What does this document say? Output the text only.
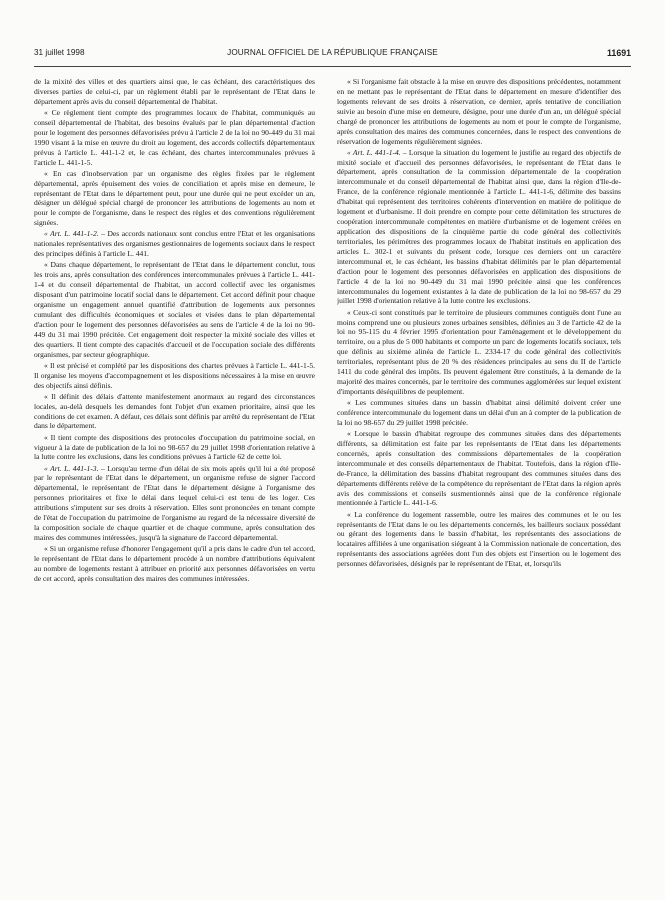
31 juillet 1998	JOURNAL OFFICIEL DE LA RÉPUBLIQUE FRANÇAISE	11691

de la mixité des villes et des quartiers ainsi que, le cas échéant, des caractéristiques des diverses parties de celui-ci, par un règlement établi par le représentant de l'Etat dans le département après avis du conseil départemental de l'habitat.

« Ce règlement tient compte des programmes locaux de l'habitat, communiqués au conseil départemental de l'habitat, des besoins évalués par le plan départemental d'action pour le logement des personnes défavorisées prévu à l'article 2 de la loi no 90-449 du 31 mai 1990 visant à la mise en œuvre du droit au logement, des accords collectifs départementaux prévus à l'article L. 441-1-2 et, le cas échéant, des chartes intercommunales prévues à l'article L. 441-1-5.

« En cas d'inobservation par un organisme des règles fixées par le règlement départemental, après épuisement des voies de conciliation et après mise en demeure, le représentant de l'Etat dans le département peut, pour une durée qui ne peut excéder un an, désigner un délégué spécial chargé de prononcer les attributions de logements au nom et pour le compte de l'organisme, dans le respect des règles et des conventions régulièrement signées.

« Art. L. 441-1-2. – Des accords nationaux sont conclus entre l'Etat et les organisations nationales représentatives des organismes gestionnaires de logements sociaux dans le respect des principes définis à l'article L. 441.

« Dans chaque département, le représentant de l'Etat dans le département conclut, tous les trois ans, après consultation des conférences intercommunales prévues à l'article L. 441-1-4 et du conseil départemental de l'habitat, un accord collectif avec les organismes disposant d'un patrimoine locatif social dans le département. Cet accord définit pour chaque organisme un engagement annuel quantifié d'attribution de logements aux personnes cumulant des difficultés économiques et sociales et visées dans le plan départemental d'action pour le logement des personnes défavorisées au sens de l'article 4 de la loi no 90-449 du 31 mai 1990 précitée. Cet engagement doit respecter la mixité sociale des villes et des quartiers. Il tient compte des capacités d'accueil et de l'occupation sociale des différents organismes, par secteur géographique.

« Il est précisé et complété par les dispositions des chartes prévues à l'article L. 441-1-5. Il organise les moyens d'accompagnement et les dispositions nécessaires à la mise en œuvre des objectifs ainsi définis.

« Il définit des délais d'attente manifestement anormaux au regard des circonstances locales, au-delà desquels les demandes font l'objet d'un examen prioritaire, ainsi que les conditions de cet examen. A défaut, ces délais sont définis par arrêté du représentant de l'Etat dans le département.

« Il tient compte des dispositions des protocoles d'occupation du patrimoine social, en vigueur à la date de publication de la loi no 98-657 du 29 juillet 1998 d'orientation relative à la lutte contre les exclusions, dans les conditions prévues à l'article 62 de cette loi.

« Art. L. 441-1-3. – Lorsqu'au terme d'un délai de six mois après qu'il lui a été proposé par le représentant de l'Etat dans le département, un organisme refuse de signer l'accord départemental, le représentant de l'Etat dans le département désigne à l'organisme des personnes prioritaires et fixe le délai dans lequel celui-ci est tenu de les loger. Ces attributions s'imputent sur ses droits à réservation. Elles sont prononcées en tenant compte de l'état de l'occupation du patrimoine de l'organisme au regard de la nécessaire diversité de la composition sociale de chaque quartier et de chaque commune, après consultation des maires des communes intéressées, jusqu'à la signature de l'accord départemental.

« Si un organisme refuse d'honorer l'engagement qu'il a pris dans le cadre d'un tel accord, le représentant de l'Etat dans le département procède à un nombre d'attributions équivalent au nombre de logements restant à attribuer en priorité aux personnes défavorisées en vertu de cet accord, après consultation des maires des communes intéressées.

« Si l'organisme fait obstacle à la mise en œuvre des dispositions précédentes, notamment en ne mettant pas le représentant de l'Etat dans le département en mesure d'identifier des logements relevant de ses droits à réservation, ce dernier, après tentative de conciliation suivie au besoin d'une mise en demeure, désigne, pour une durée d'un an, un délégué spécial chargé de prononcer les attributions de logements au nom et pour le compte de l'organisme, après consultation des maires des communes concernées, dans le respect des conventions de réservation de logements régulièrement signées.

« Art. L. 441-1-4. – Lorsque la situation du logement le justifie au regard des objectifs de mixité sociale et d'accueil des personnes défavorisées, le représentant de l'Etat dans le département, après consultation de la commission départementale de la coopération intercommunale et du conseil départemental de l'habitat ainsi que, dans la région d'Ile-de-France, de la conférence régionale mentionnée à l'article L. 441-1-6, délimite des bassins d'habitat qui représentent des territoires cohérents d'intervention en matière de politique de logement et d'urbanisme. Il doit prendre en compte pour cette délimitation les structures de coopération intercommunale compétentes en matière d'urbanisme et de logement créées en application des dispositions de la cinquième partie du code général des collectivités territoriales, les périmètres des programmes locaux de l'habitat institués en application des articles L. 302-1 et suivants du présent code, lorsque ces derniers ont un caractère intercommunal et, le cas échéant, les bassins d'habitat délimités par le plan départemental d'action pour le logement des personnes défavorisées en application des dispositions de l'article 4 de la loi no 90-449 du 31 mai 1990 précitée ainsi que les conférences intercommunales du logement existantes à la date de publication de la loi no 98-657 du 29 juillet 1998 d'orientation relative à la lutte contre les exclusions.

« Ceux-ci sont constitués par le territoire de plusieurs communes contiguës dont l'une au moins comprend une ou plusieurs zones urbaines sensibles, définies au 3 de l'article 42 de la loi no 95-115 du 4 février 1995 d'orientation pour l'aménagement et le développement du territoire, ou a plus de 5 000 habitants et comporte un parc de logements locatifs sociaux, tels que définis au sixième alinéa de l'article L. 2334-17 du code général des collectivités territoriales, représentant plus de 20 % des résidences principales au sens du II de l'article 1411 du code général des impôts. Ils peuvent également être constitués, à la demande de la majorité des maires concernés, par le territoire des communes agglomérées sur lequel existent d'importants déséquilibres de peuplement.

« Les communes situées dans un bassin d'habitat ainsi délimité doivent créer une conférence intercommunale du logement dans un délai d'un an à compter de la publication de la loi no 98-657 du 29 juillet 1998 précitée.

« Lorsque le bassin d'habitat regroupe des communes situées dans des départements différents, sa délimitation est faite par les représentants de l'Etat dans les départements concernés, après consultation des commissions départementales de la coopération intercommunale et des conseils départementaux de l'habitat. Toutefois, dans la région d'Ile-de-France, la délimitation des bassins d'habitat regroupant des communes situées dans des départements différents relève de la compétence du représentant de l'Etat dans la région après avis des commissions et conseils susmentionnés ainsi que de la conférence régionale mentionnée à l'article L. 441-1-6.

« La conférence du logement rassemble, outre les maires des communes et le ou les représentants de l'Etat dans le ou les départements concernés, les bailleurs sociaux possédant ou gérant des logements dans le bassin d'habitat, les représentants des associations de locataires affiliées à une organisation siégeant à la Commission nationale de concertation, des représentants des associations agréées dont l'un des objets est l'insertion ou le logement des personnes défavorisées, désignés par le représentant de l'Etat, et, lorsqu'ils
